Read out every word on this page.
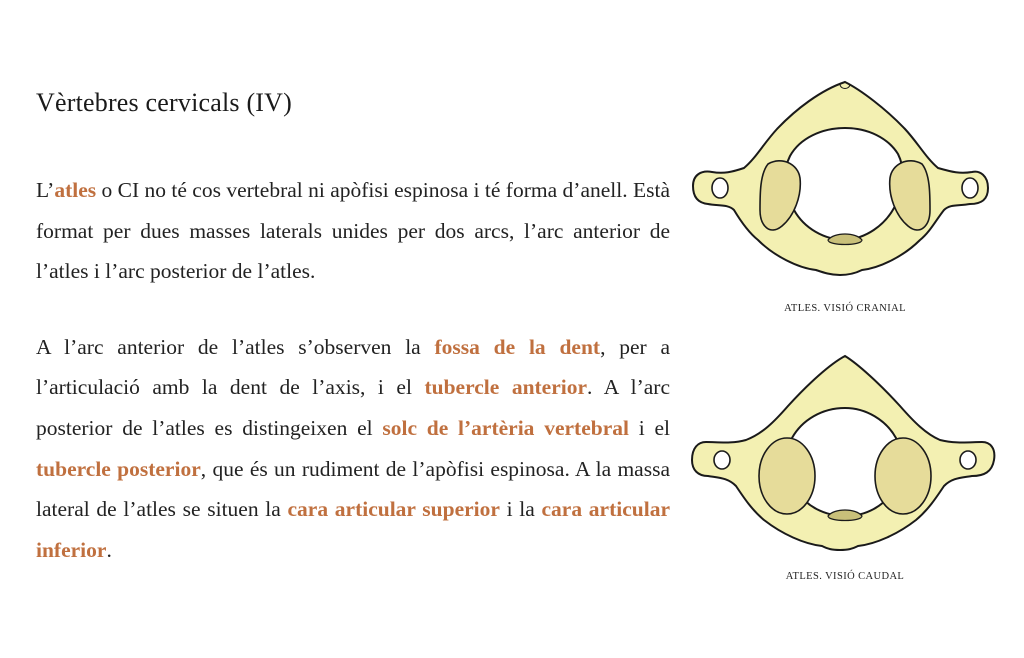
Vèrtebres cervicals (IV)

L’atles o CI no té cos vertebral ni apòfisi espinosa i té forma d’anell. Està format per dues masses laterals unides per dos arcs, l’arc anterior de l’atles i l’arc posterior de l’atles.

A l’arc anterior de l’atles s’observen la fossa de la dent, per a l’articulació amb la dent de l’axis, i el tubercle anterior. A l’arc posterior de l’atles es distingeixen el solc de l’artèria vertebral i el tubercle posterior, que és un rudiment de l’apòfisi espinosa. A la massa lateral de l’atles se situen la cara articular superior i la cara articular inferior.

ATLES. VISIÓ CRANIAL
ATLES. VISIÓ CAUDAL
